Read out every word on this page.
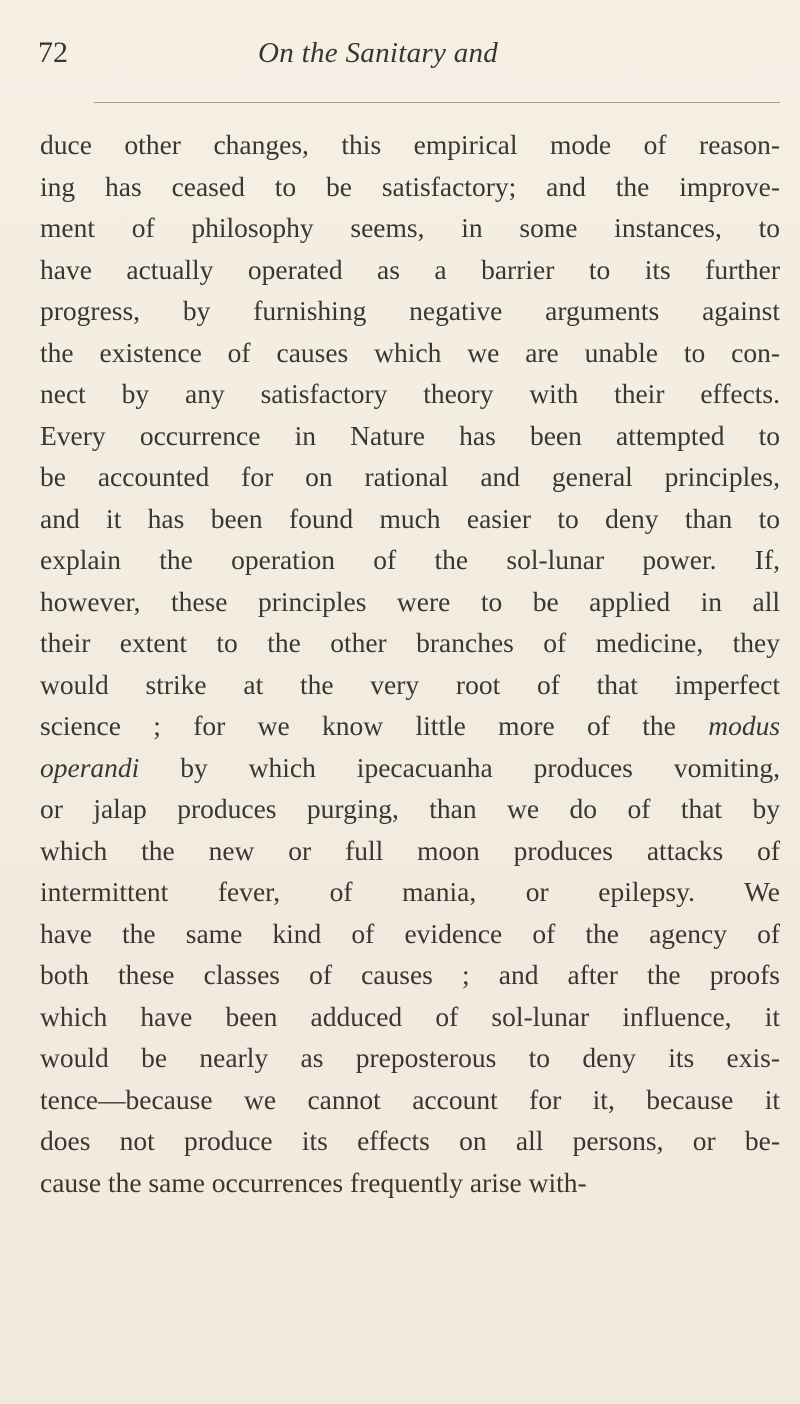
72	On the Sanitary and
duce other changes, this empirical mode of reason-
ing has ceased to be satisfactory; and the improve-
ment of philosophy seems, in some instances, to
have actually operated as a barrier to its further
progress, by furnishing negative arguments against
the existence of causes which we are unable to con-
nect by any satisfactory theory with their effects.
Every occurrence in Nature has been attempted to
be accounted for on rational and general principles,
and it has been found much easier to deny than to
explain the operation of the sol-lunar power. If,
however, these principles were to be applied in all
their extent to the other branches of medicine, they
would strike at the very root of that imperfect
science ; for we know little more of the modus
operandi by which ipecacuanha produces vomiting,
or jalap produces purging, than we do of that by
which the new or full moon produces attacks of
intermittent fever, of mania, or epilepsy. We
have the same kind of evidence of the agency of
both these classes of causes ; and after the proofs
which have been adduced of sol-lunar influence, it
would be nearly as preposterous to deny its exis-
tence—because we cannot account for it, because it
does not produce its effects on all persons, or be-
cause the same occurrences frequently arise with-
